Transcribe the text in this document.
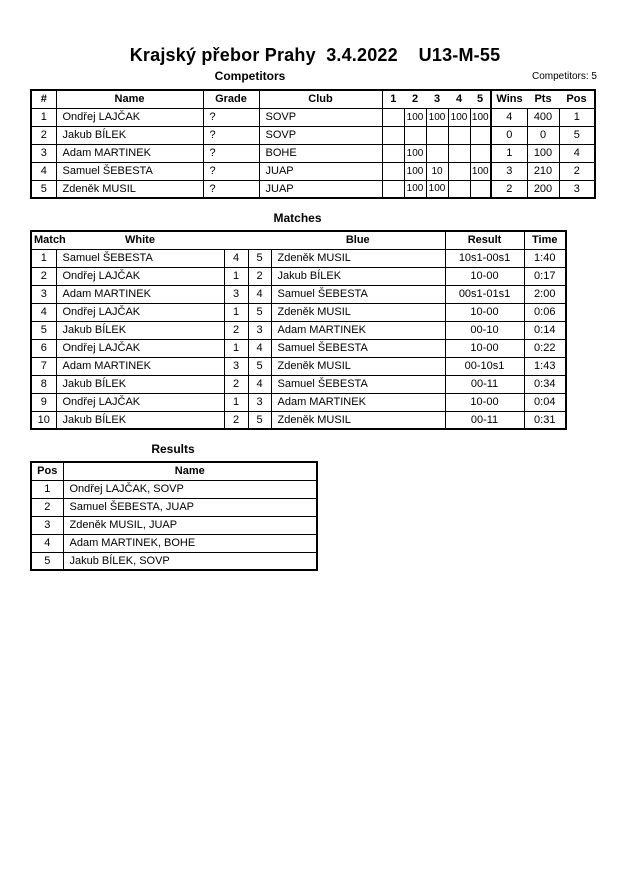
Krajský přebor Prahy  3.4.2022    U13-M-55
Competitors	Competitors: 5
#	Name	Grade	Club	1	2	3	4	5	Wins	Pts	Pos
1	Ondřej LAJČAK	?	SOVP		100	100	100	100	4	400	1
2	Jakub BÍLEK	?	SOVP						0	0	5
3	Adam MARTINEK	?	BOHE		100				1	100	4
4	Samuel ŠEBESTA	?	JUAP		100	10		100	3	210	2
5	Zdeněk MUSIL	?	JUAP		100	100			2	200	3
Matches
Match	White			Blue	Result	Time
1	Samuel ŠEBESTA	4	5	Zdeněk MUSIL	10s1-00s1	1:40
2	Ondřej LAJČAK	1	2	Jakub BÍLEK	10-00	0:17
3	Adam MARTINEK	3	4	Samuel ŠEBESTA	00s1-01s1	2:00
4	Ondřej LAJČAK	1	5	Zdeněk MUSIL	10-00	0:06
5	Jakub BÍLEK	2	3	Adam MARTINEK	00-10	0:14
6	Ondřej LAJČAK	1	4	Samuel ŠEBESTA	10-00	0:22
7	Adam MARTINEK	3	5	Zdeněk MUSIL	00-10s1	1:43
8	Jakub BÍLEK	2	4	Samuel ŠEBESTA	00-11	0:34
9	Ondřej LAJČAK	1	3	Adam MARTINEK	10-00	0:04
10	Jakub BÍLEK	2	5	Zdeněk MUSIL	00-11	0:31
Results
Pos	Name
1	Ondřej LAJČAK, SOVP
2	Samuel ŠEBESTA, JUAP
3	Zdeněk MUSIL, JUAP
4	Adam MARTINEK, BOHE
5	Jakub BÍLEK, SOVP
